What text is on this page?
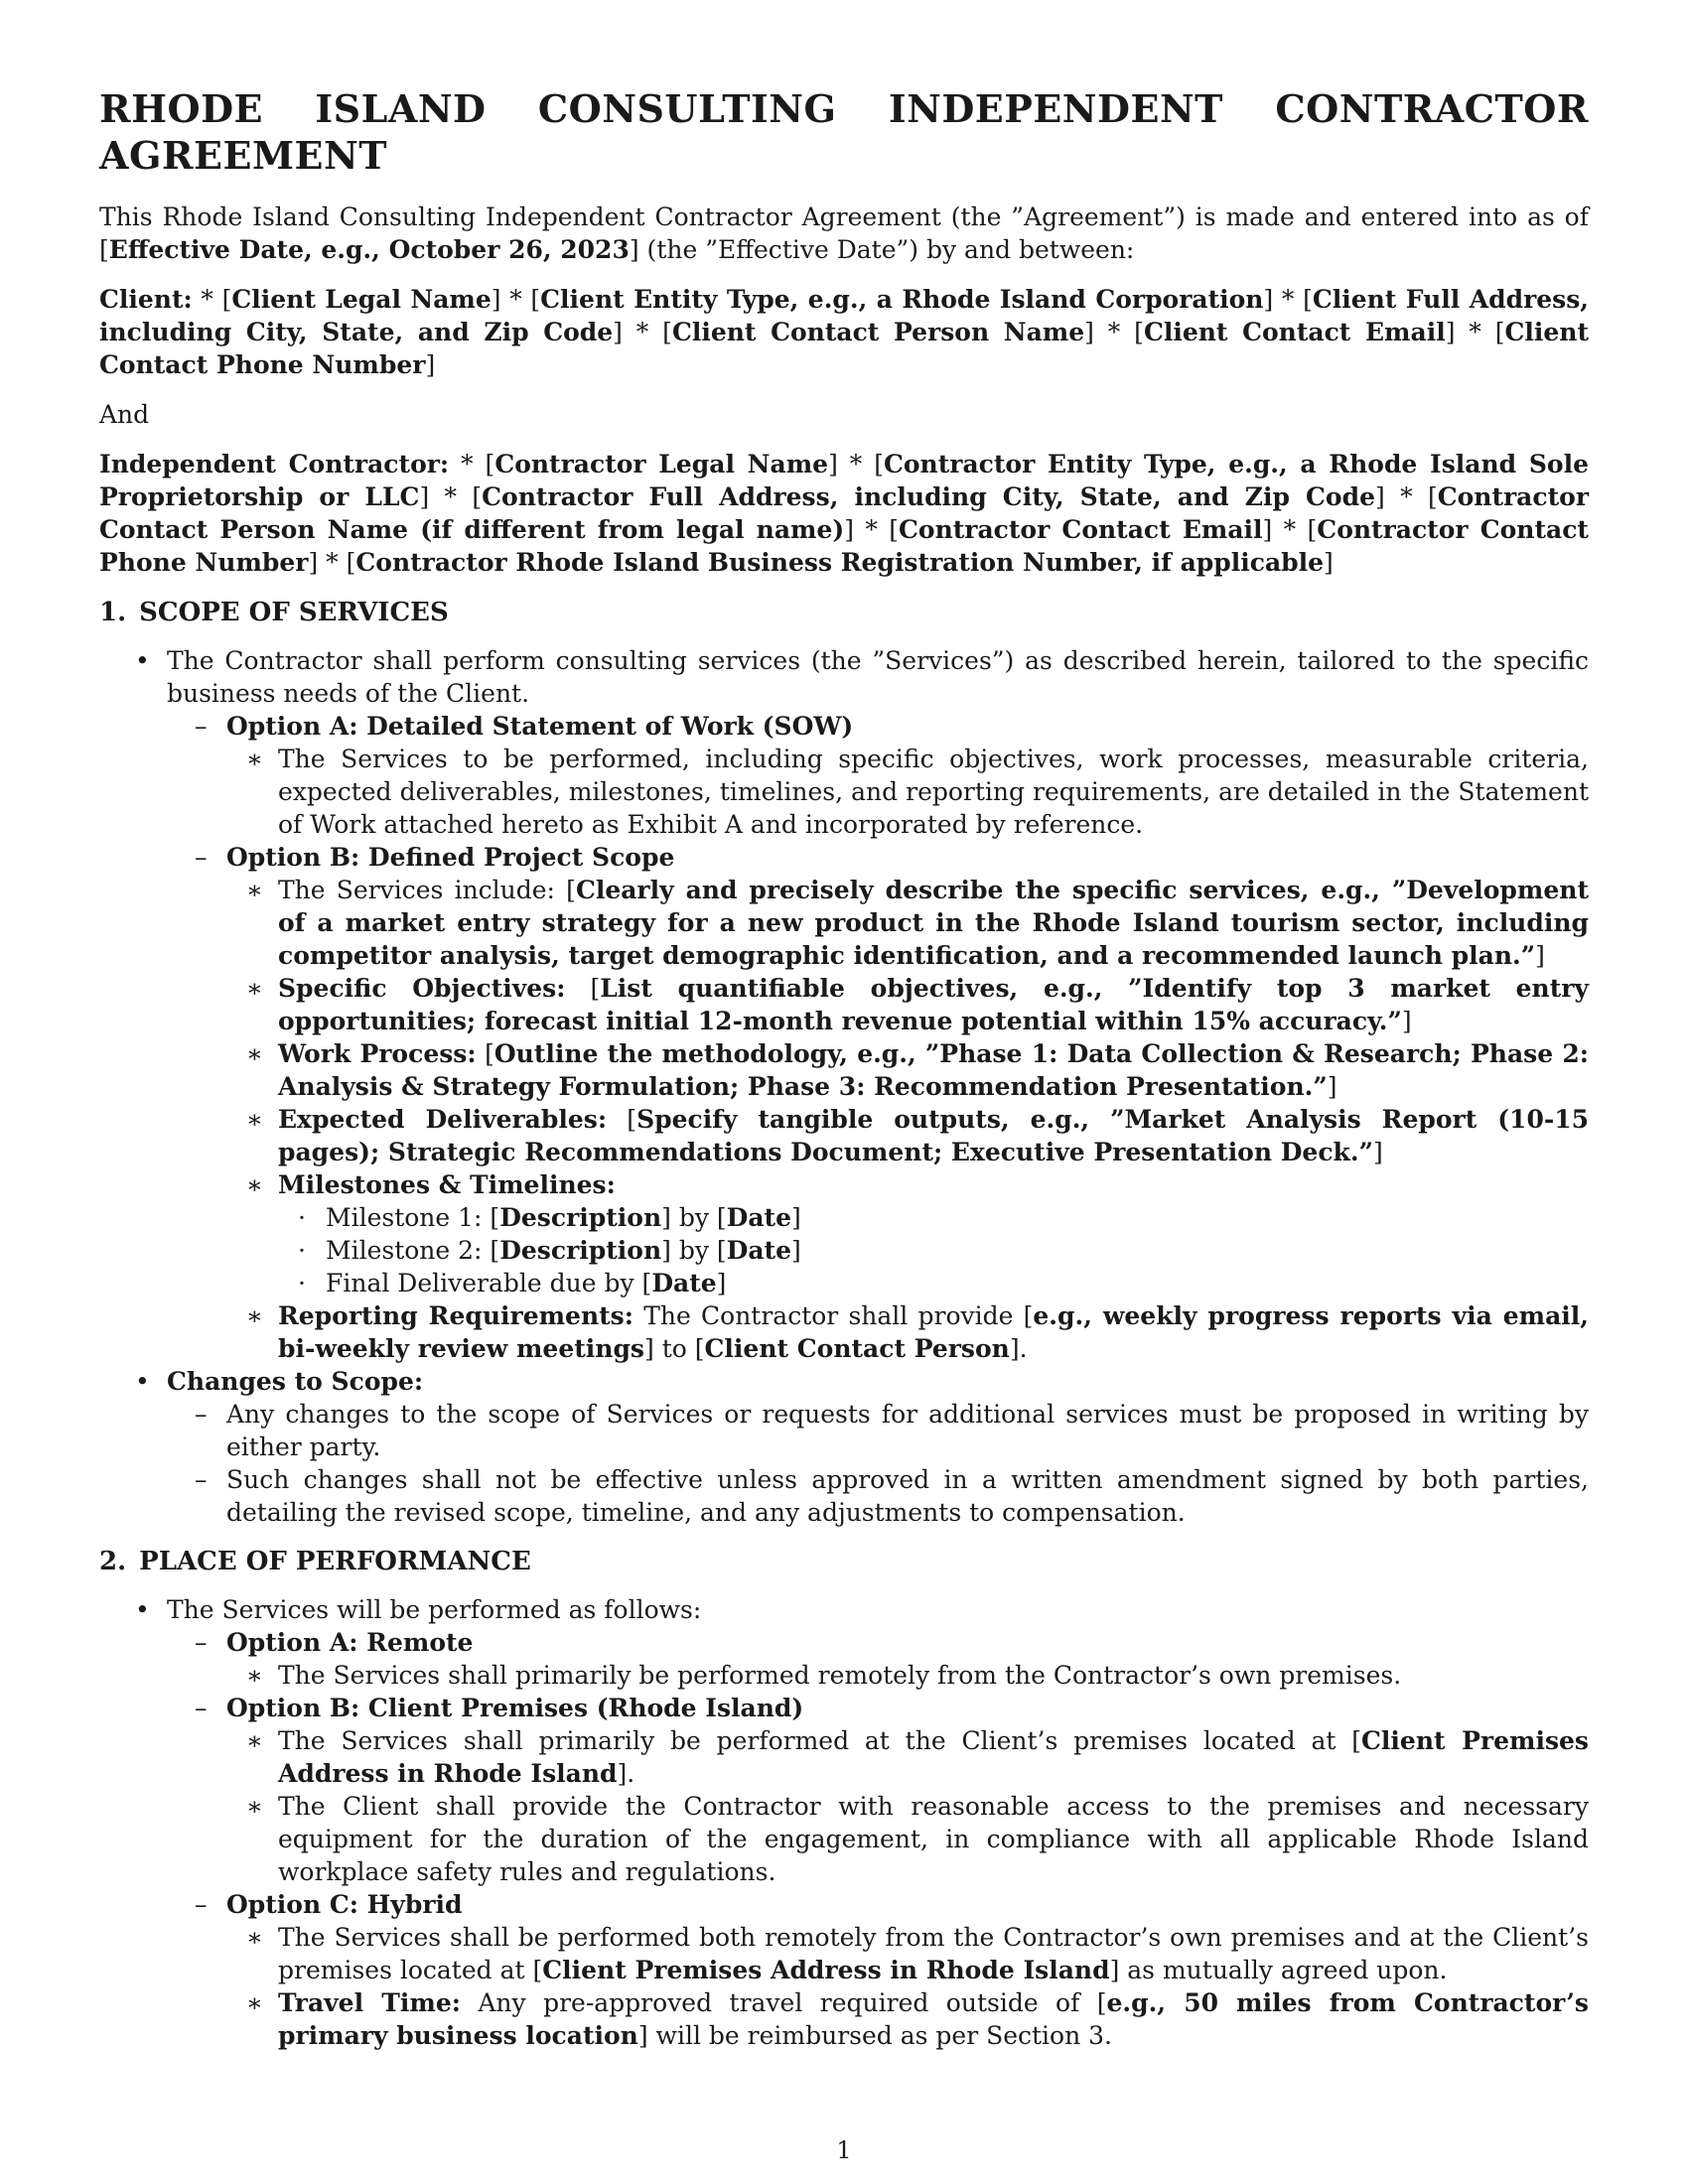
RHODE ISLAND CONSULTING INDEPENDENT CONTRACTOR AGREEMENT

This Rhode Island Consulting Independent Contractor Agreement (the ”Agreement”) is made and entered into as of [Effective Date, e.g., October 26, 2023] (the ”Effective Date”) by and between:

Client: * [Client Legal Name] * [Client Entity Type, e.g., a Rhode Island Corporation] * [Client Full Address, including City, State, and Zip Code] * [Client Contact Person Name] * [Client Contact Email] * [Client Contact Phone Number]

And

Independent Contractor: * [Contractor Legal Name] * [Contractor Entity Type, e.g., a Rhode Island Sole Proprietorship or LLC] * [Contractor Full Address, including City, State, and Zip Code] * [Contractor Contact Person Name (if different from legal name)] * [Contractor Contact Email] * [Contractor Contact Phone Number] * [Contractor Rhode Island Business Registration Number, if applicable]

1. SCOPE OF SERVICES
• The Contractor shall perform consulting services (the ”Services”) as described herein, tailored to the specific business needs of the Client.
– Option A: Detailed Statement of Work (SOW)
∗ The Services to be performed, including specific objectives, work processes, measurable criteria, expected deliverables, milestones, timelines, and reporting requirements, are detailed in the Statement of Work attached hereto as Exhibit A and incorporated by reference.
– Option B: Defined Project Scope
∗ The Services include: [Clearly and precisely describe the specific services, e.g., ”Development of a market entry strategy for a new product in the Rhode Island tourism sector, including competitor analysis, target demographic identification, and a recommended launch plan.”]
∗ Specific Objectives: [List quantifiable objectives, e.g., ”Identify top 3 market entry opportunities; forecast initial 12-month revenue potential within 15% accuracy.”]
∗ Work Process: [Outline the methodology, e.g., ”Phase 1: Data Collection & Research; Phase 2: Analysis & Strategy Formulation; Phase 3: Recommendation Presentation.”]
∗ Expected Deliverables: [Specify tangible outputs, e.g., ”Market Analysis Report (10-15 pages); Strategic Recommendations Document; Executive Presentation Deck.”]
∗ Milestones & Timelines:
· Milestone 1: [Description] by [Date]
· Milestone 2: [Description] by [Date]
· Final Deliverable due by [Date]
∗ Reporting Requirements: The Contractor shall provide [e.g., weekly progress reports via email, bi-weekly review meetings] to [Client Contact Person].
• Changes to Scope:
– Any changes to the scope of Services or requests for additional services must be proposed in writing by either party.
– Such changes shall not be effective unless approved in a written amendment signed by both parties, detailing the revised scope, timeline, and any adjustments to compensation.
2. PLACE OF PERFORMANCE
• The Services will be performed as follows:
– Option A: Remote
∗ The Services shall primarily be performed remotely from the Contractor’s own premises.
– Option B: Client Premises (Rhode Island)
∗ The Services shall primarily be performed at the Client’s premises located at [Client Premises Address in Rhode Island].
∗ The Client shall provide the Contractor with reasonable access to the premises and necessary equipment for the duration of the engagement, in compliance with all applicable Rhode Island workplace safety rules and regulations.
– Option C: Hybrid
∗ The Services shall be performed both remotely from the Contractor’s own premises and at the Client’s premises located at [Client Premises Address in Rhode Island] as mutually agreed upon.
∗ Travel Time: Any pre-approved travel required outside of [e.g., 50 miles from Contractor’s primary business location] will be reimbursed as per Section 3.
1
